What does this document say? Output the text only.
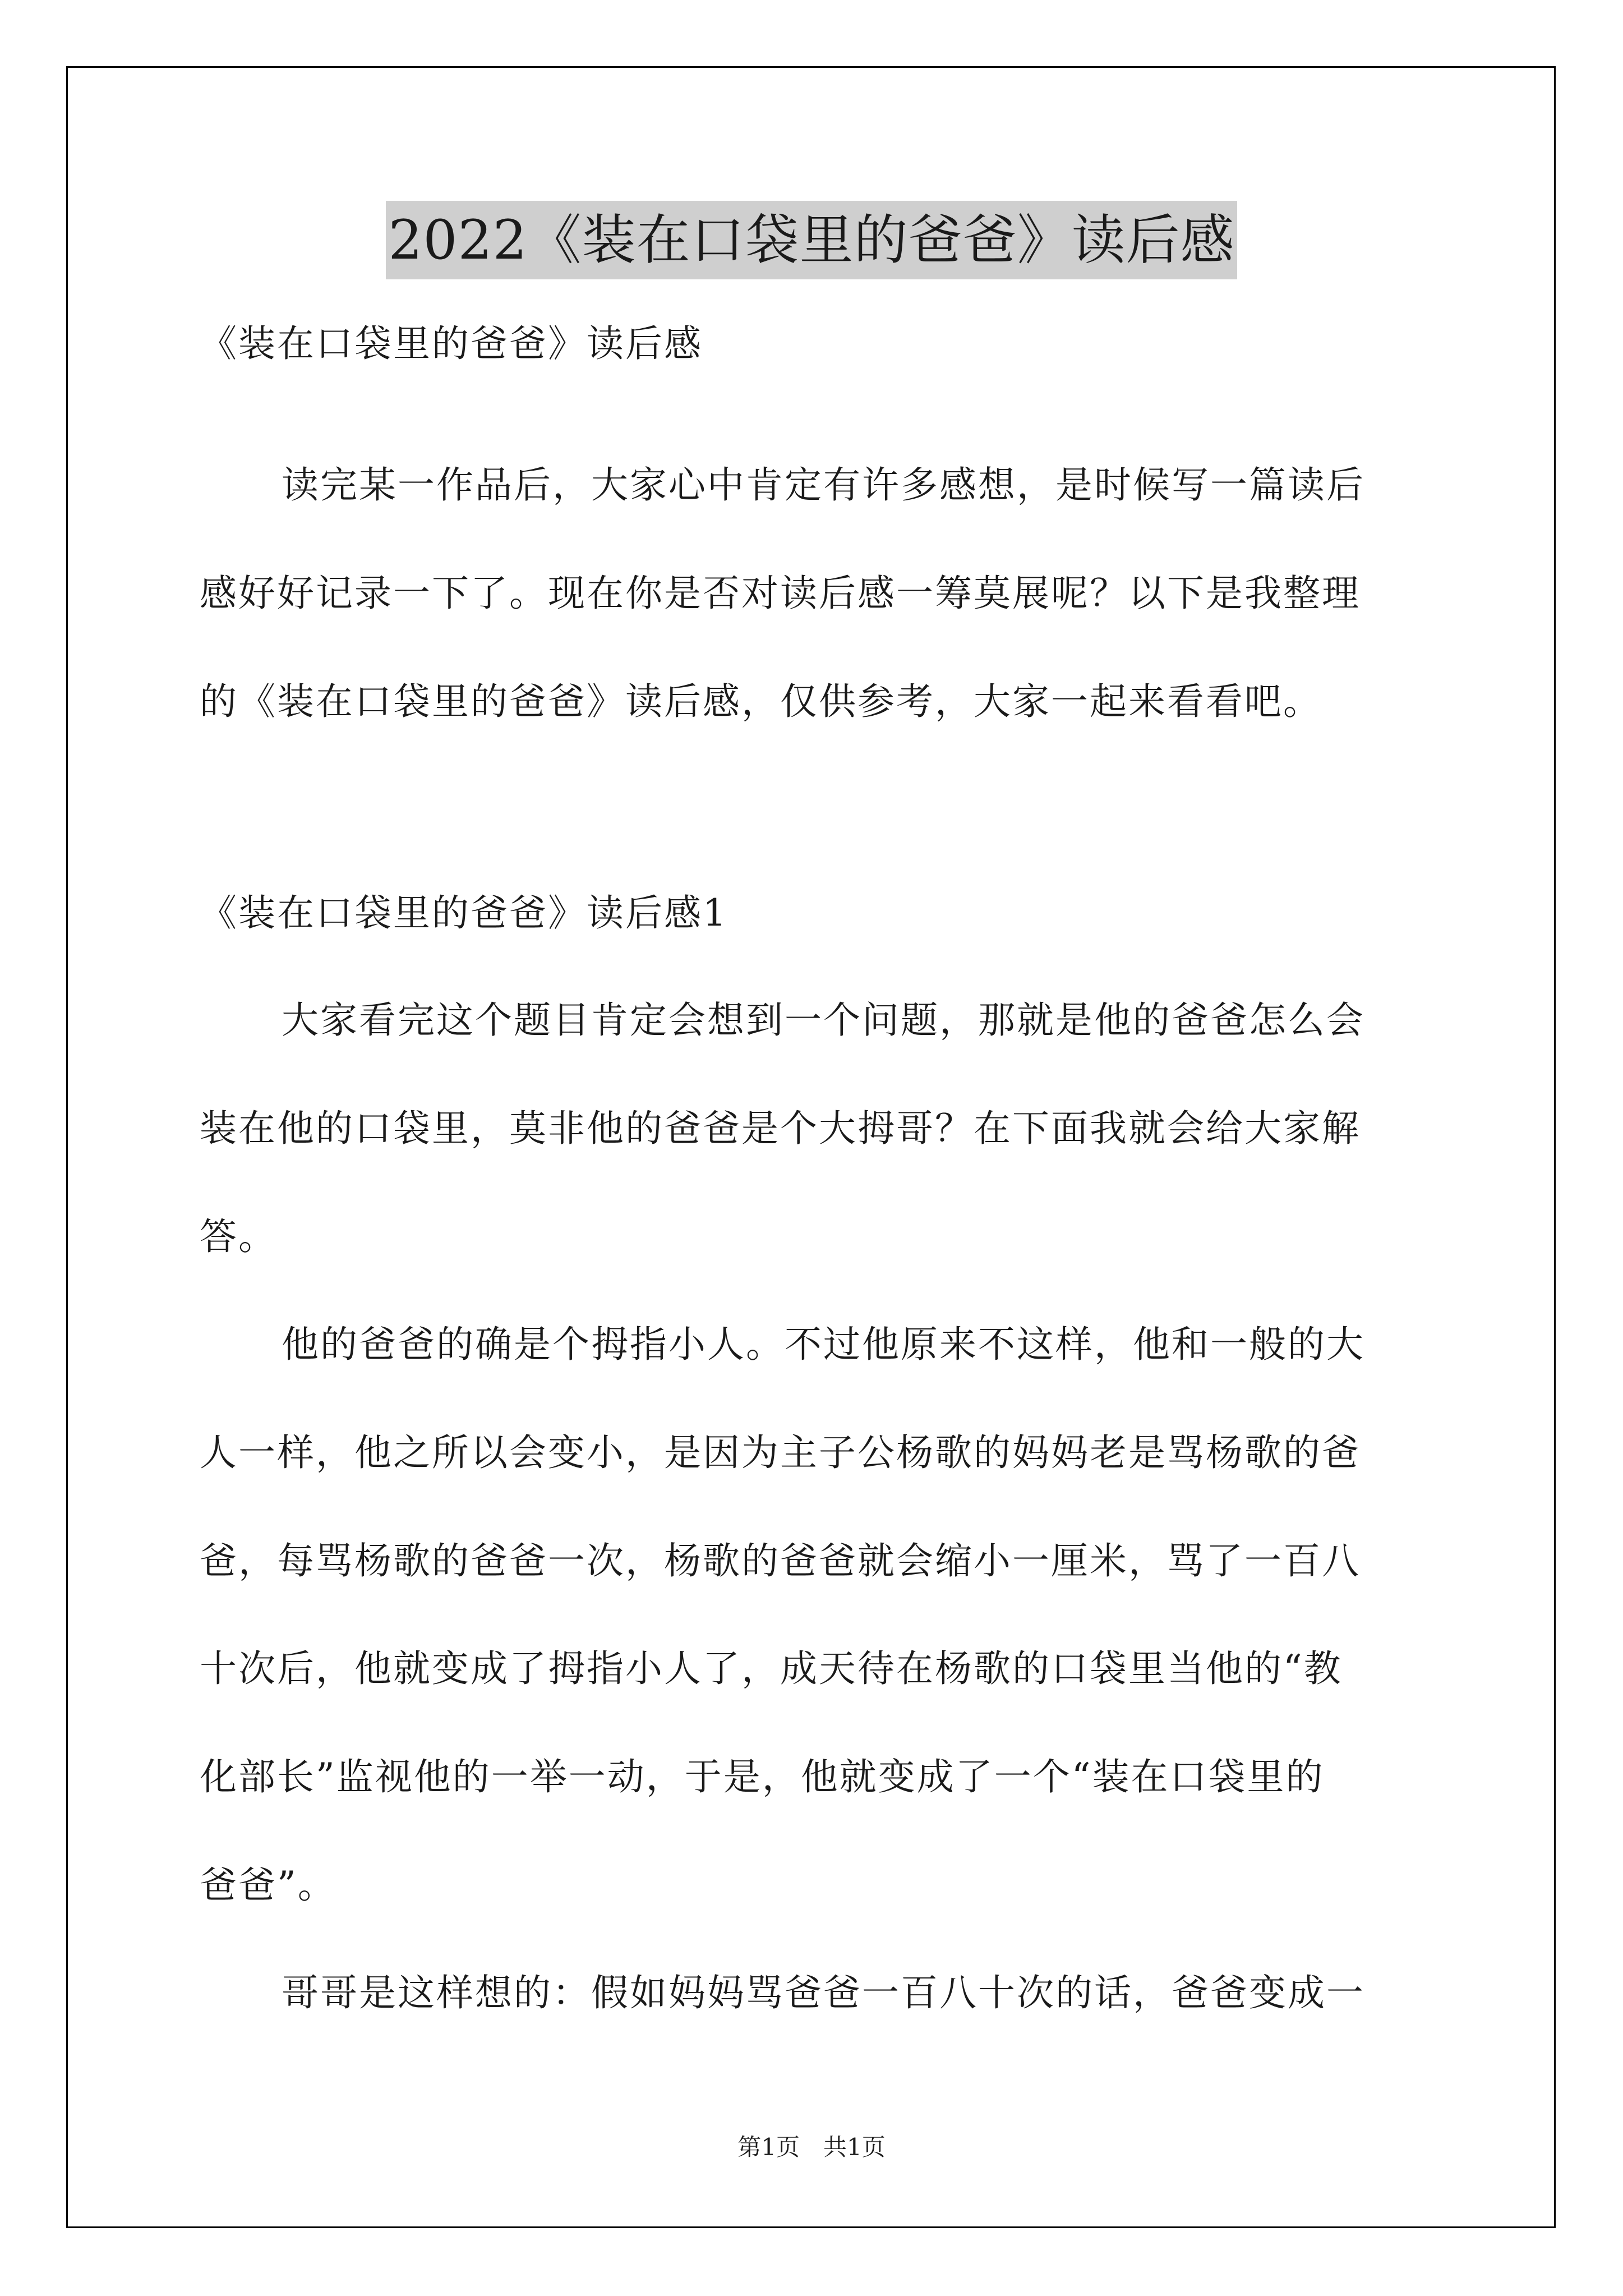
2022《装在口袋里的爸爸》读后感
《装在口袋里的爸爸》读后感
读完某一作品后，大家心中肯定有许多感想，是时候写一篇读后
感好好记录一下了。现在你是否对读后感一筹莫展呢？以下是我整理
的《装在口袋里的爸爸》读后感，仅供参考，大家一起来看看吧。
《装在口袋里的爸爸》读后感1
大家看完这个题目肯定会想到一个问题，那就是他的爸爸怎么会
装在他的口袋里，莫非他的爸爸是个大拇哥？在下面我就会给大家解
答。
他的爸爸的确是个拇指小人。不过他原来不这样，他和一般的大
人一样，他之所以会变小，是因为主子公杨歌的妈妈老是骂杨歌的爸
爸，每骂杨歌的爸爸一次，杨歌的爸爸就会缩小一厘米，骂了一百八
十次后，他就变成了拇指小人了，成天待在杨歌的口袋里当他的“教
化部长”监视他的一举一动，于是，他就变成了一个“装在口袋里的
爸爸”。
哥哥是这样想的：假如妈妈骂爸爸一百八十次的话，爸爸变成一
第1页　共1页
